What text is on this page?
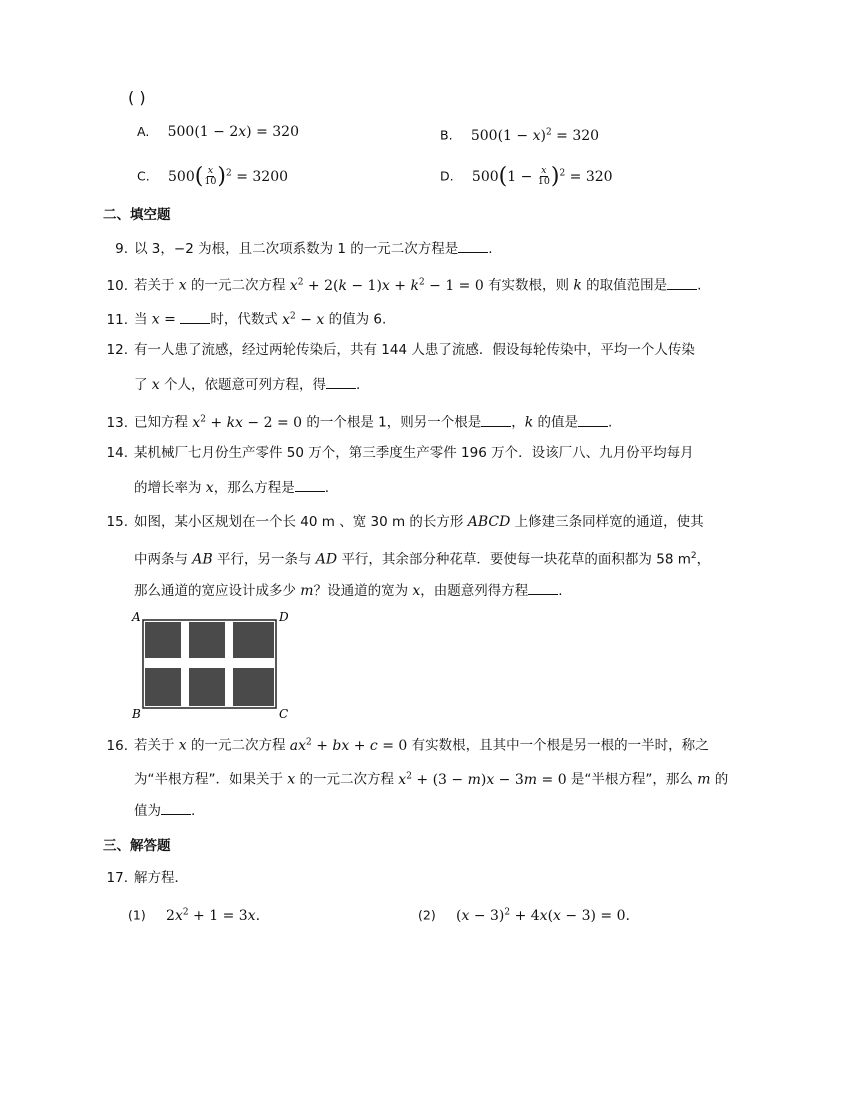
( )
A. 500(1 − 2x) = 320	B. $500(1 - x)^2 = 320$
C. $500( \frac{x}{10} )^2 = 3200$	D. $500(1 - \frac{x}{10} )^2 = 320$
二、填空题
9. 以 3，−2 为根，且二次项系数为 1 的一元二次方程是 .
10. 若关于 x 的一元二次方程 $x^2 + 2(k - 1)x + k^2 - 1 = 0$ 有实数根，则 k 的取值范围是 .
11. 当 x = 时，代数式 $x^2 - x$ 的值为 6.
12. 有一人患了流感，经过两轮传染后，共有 144 人患了流感．假设每轮传染中，平均一个人传染
了 x 个人，依题意可列方程，得 .
13. 已知方程 $x^2$ + kx − 2 = 0 的一个根是 1，则另一个根是 ，k 的值是 .
14. 某机械厂七月份生产零件 50 万个，第三季度生产零件 196 万个．设该厂八、九月份平均每月
的增长率为 x，那么方程是 .
15. 如图，某小区规划在一个长 40 m 、宽 30 m 的长方形 ABCD 上修建三条同样宽的通道，使其
中两条与 AB 平行，另一条与 AD 平行，其余部分种花草．要使每一块花草的面积都为 58 $m^2$，
那么通道的宽应设计成多少 m？设通道的宽为 x，由题意列得方程 .
A	D
B	C
16. 若关于 x 的一元二次方程 $ax^2$ + bx + c = 0 有实数根，且其中一个根是另一根的一半时，称之
为“半根方程”．如果关于 x 的一元二次方程 $x^2 + (3 - m)x - 3m = 0$ 是“半根方程”，那么 m 的
值为 .
三、解答题
17. 解方程．
(1) $2x^2 + 1 = 3x$.	(2) $(x - 3)^2 + 4x(x - 3) = 0$.
